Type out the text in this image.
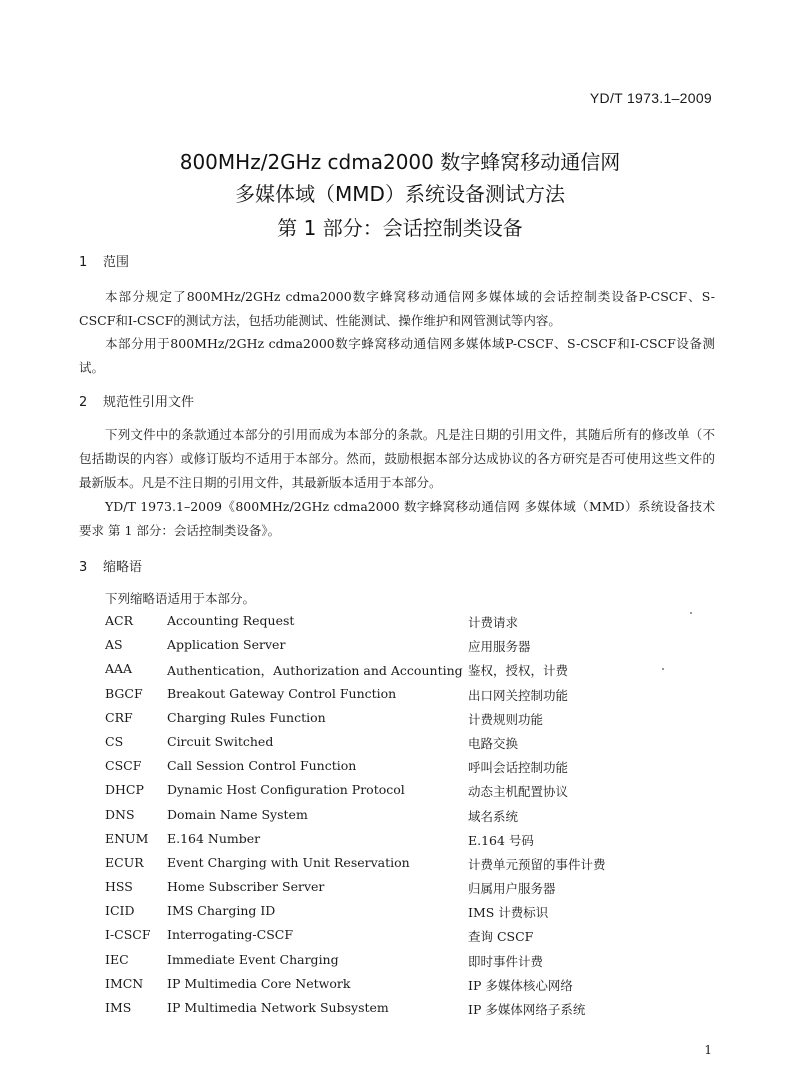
YD/T 1973.1–2009
800MHz/2GHz cdma2000 数字蜂窝移动通信网
多媒体域（MMD）系统设备测试方法
第 1 部分：会话控制类设备
1 范围

本部分规定了800MHz/2GHz cdma2000数字蜂窝移动通信网多媒体域的会话控制类设备P-CSCF、S-CSCF和I-CSCF的测试方法，包括功能测试、性能测试、操作维护和网管测试等内容。

本部分用于800MHz/2GHz cdma2000数字蜂窝移动通信网多媒体域P-CSCF、S-CSCF和I-CSCF设备测试。

2 规范性引用文件

下列文件中的条款通过本部分的引用而成为本部分的条款。凡是注日期的引用文件，其随后所有的修改单（不包括勘误的内容）或修订版均不适用于本部分。然而，鼓励根据本部分达成协议的各方研究是否可使用这些文件的最新版本。凡是不注日期的引用文件，其最新版本适用于本部分。

YD/T 1973.1–2009《800MHz/2GHz cdma2000 数字蜂窝移动通信网 多媒体域（MMD）系统设备技术要求 第 1 部分：会话控制类设备》。

3 缩略语
下列缩略语适用于本部分。
ACR	Accounting Request	计费请求
AS	Application Server	应用服务器
AAA	Authentication，Authorization and Accounting 鉴权，授权，计费
BGCF Breakout Gateway Control Function	出口网关控制功能
CRF	Charging Rules Function	计费规则功能
CS	Circuit Switched	电路交换
CSCF Call Session Control Function	呼叫会话控制功能
DHCP Dynamic Host Configuration Protocol	动态主机配置协议
DNS	Domain Name System	域名系统
ENUM E.164 Number	E.164 号码
ECUR Event Charging with Unit Reservation	计费单元预留的事件计费
HSS	Home Subscriber Server	归属用户服务器
ICID	IMS Charging ID	IMS 计费标识
I-CSCF Interrogating-CSCF	查询 CSCF
IEC	Immediate Event Charging	即时事件计费
IMCN IP Multimedia Core Network	IP 多媒体核心网络
IMS	IP Multimedia Network Subsystem	IP 多媒体网络子系统
1
